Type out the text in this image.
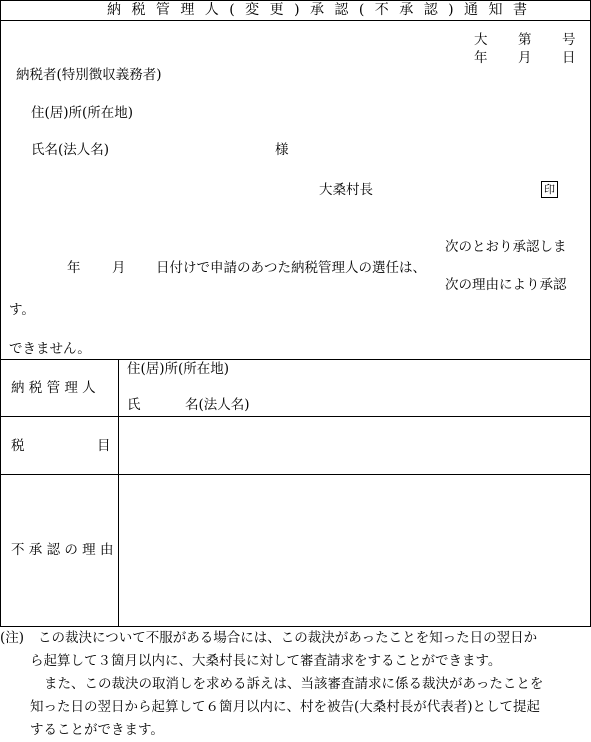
納 税 管 理 人 ( 変 更 ) 承 認 ( 不 承 認 ) 通 知 書
大 第 号
年 月 日
納税者(特別徴収義務者)
住(居)所(所在地)
氏名(法人名)	様
大桑村長	印
次のとおり承認しま
年 月 日付けで申請のあつた納税管理人の選任は、
次の理由により承認
す。
できません。
納 税 管 理 人
住(居)所(所在地)
氏	名(法人名)
税	目
不 承 認 の 理 由

(注) この裁決について不服がある場合には、この裁決があったことを知った日の翌日か

ら起算して３箇月以内に、大桑村長に対して審査請求をすることができます。

また、この裁決の取消しを求める訴えは、当該審査請求に係る裁決があったことを

知った日の翌日から起算して６箇月以内に、村を被告(大桑村長が代表者)として提起

することができます。
